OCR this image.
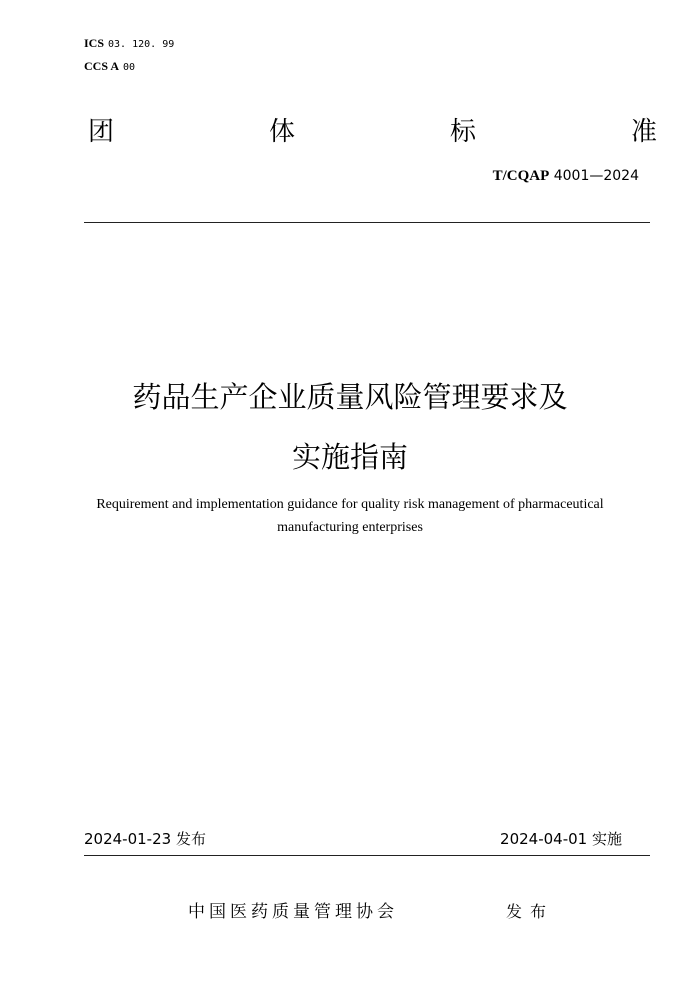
ICS 03. 120. 99
CCS A 00
团	体	标	准
T/CQAP 4001—2024
药品生产企业质量风险管理要求及
实施指南
Requirement and implementation guidance for quality risk management of pharmaceutical
manufacturing enterprises
2024-01-23 发布	2024-04-01 实施
中国医药质量管理协会	发布
